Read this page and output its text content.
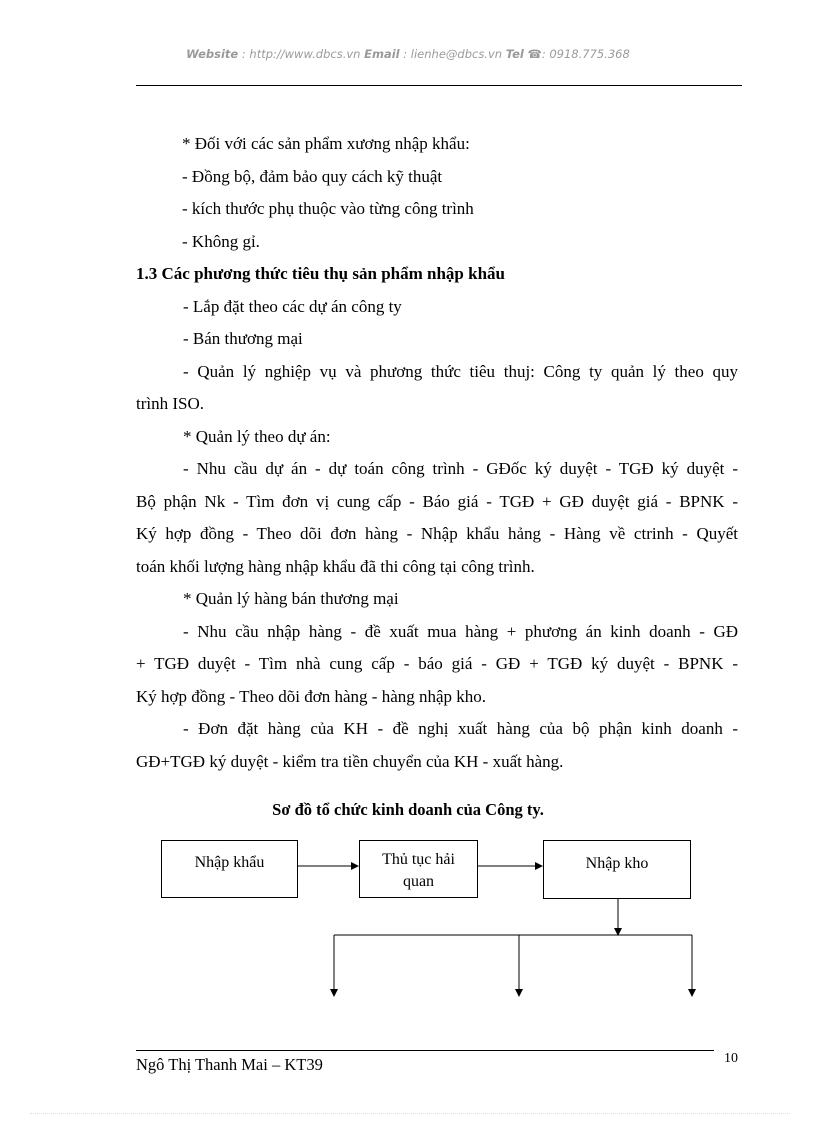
Website : http://www.dbcs.vn Email : lienhe@dbcs.vn Tel ☎: 0918.775.368

* Đối với các sản phẩm xương nhập khẩu:

- Đồng bộ, đảm bảo quy cách kỹ thuật

- kích thước phụ thuộc vào từng công trình

- Không gỉ.

1.3 Các phương thức tiêu thụ sản phẩm nhập khẩu

- Lắp đặt theo các dự án công ty

- Bán thương mại

- Quản lý nghiệp vụ và phương thức tiêu thuj: Công ty quản lý theo quy

trình ISO.

* Quản lý theo dự án:

- Nhu cầu dự án - dự toán công trình - GĐốc ký duyệt - TGĐ ký duyệt -

Bộ phận Nk - Tìm đơn vị cung cấp - Báo giá - TGĐ + GĐ duyệt giá - BPNK -

Ký hợp đồng - Theo dõi đơn hàng - Nhập khẩu hảng - Hàng về ctrinh - Quyết

toán khối lượng hàng nhập khẩu đã thi công tại công trình.

* Quản lý hàng bán thương mại

- Nhu cầu nhập hàng - đề xuất mua hàng + phương án kinh doanh - GĐ

+ TGĐ duyệt - Tìm nhà cung cấp - báo giá - GĐ + TGĐ ký duyệt - BPNK -

Ký hợp đồng - Theo dõi đơn hàng - hàng nhập kho.

- Đơn đặt hàng của KH - đề nghị xuất hàng của bộ phận kinh doanh -

GĐ+TGĐ ký duyệt - kiểm tra tiền chuyển của KH - xuất hàng.

Sơ đồ tổ chức kinh doanh của Công ty.
Nhập khẩu	Thủ tục hải
quan
Nhập kho
Ngô Thị Thanh Mai – KT39	10
